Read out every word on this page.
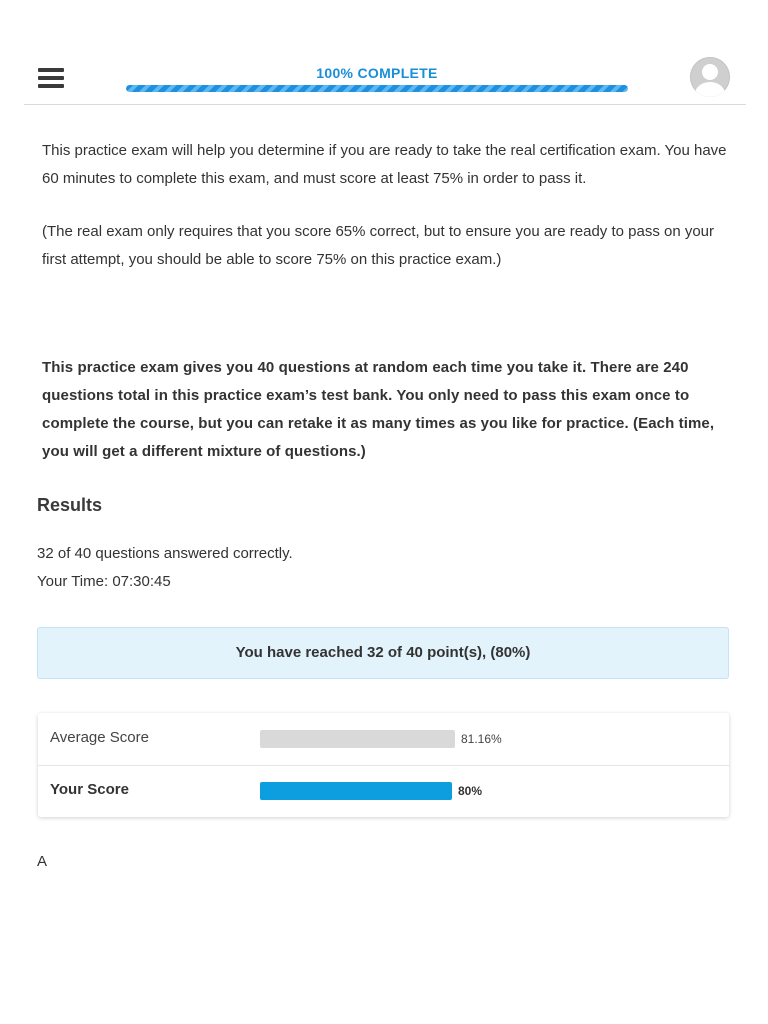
100% COMPLETE

This practice exam will help you determine if you are ready to take the real certification exam. You have 60 minutes to complete this exam, and must score at least 75% in order to pass it.

(The real exam only requires that you score 65% correct, but to ensure you are ready to pass on your first attempt, you should be able to score 75% on this practice exam.)

This practice exam gives you 40 questions at random each time you take it. There are 240 questions total in this practice exam’s test bank. You only need to pass this exam once to complete the course, but you can retake it as many times as you like for practice. (Each time, you will get a different mixture of questions.)

Results
32 of 40 questions answered correctly.
Your Time: 07:30:45
You have reached 32 of 40 point(s), (80%)
Average Score	81.16%
Your Score	80%
A
